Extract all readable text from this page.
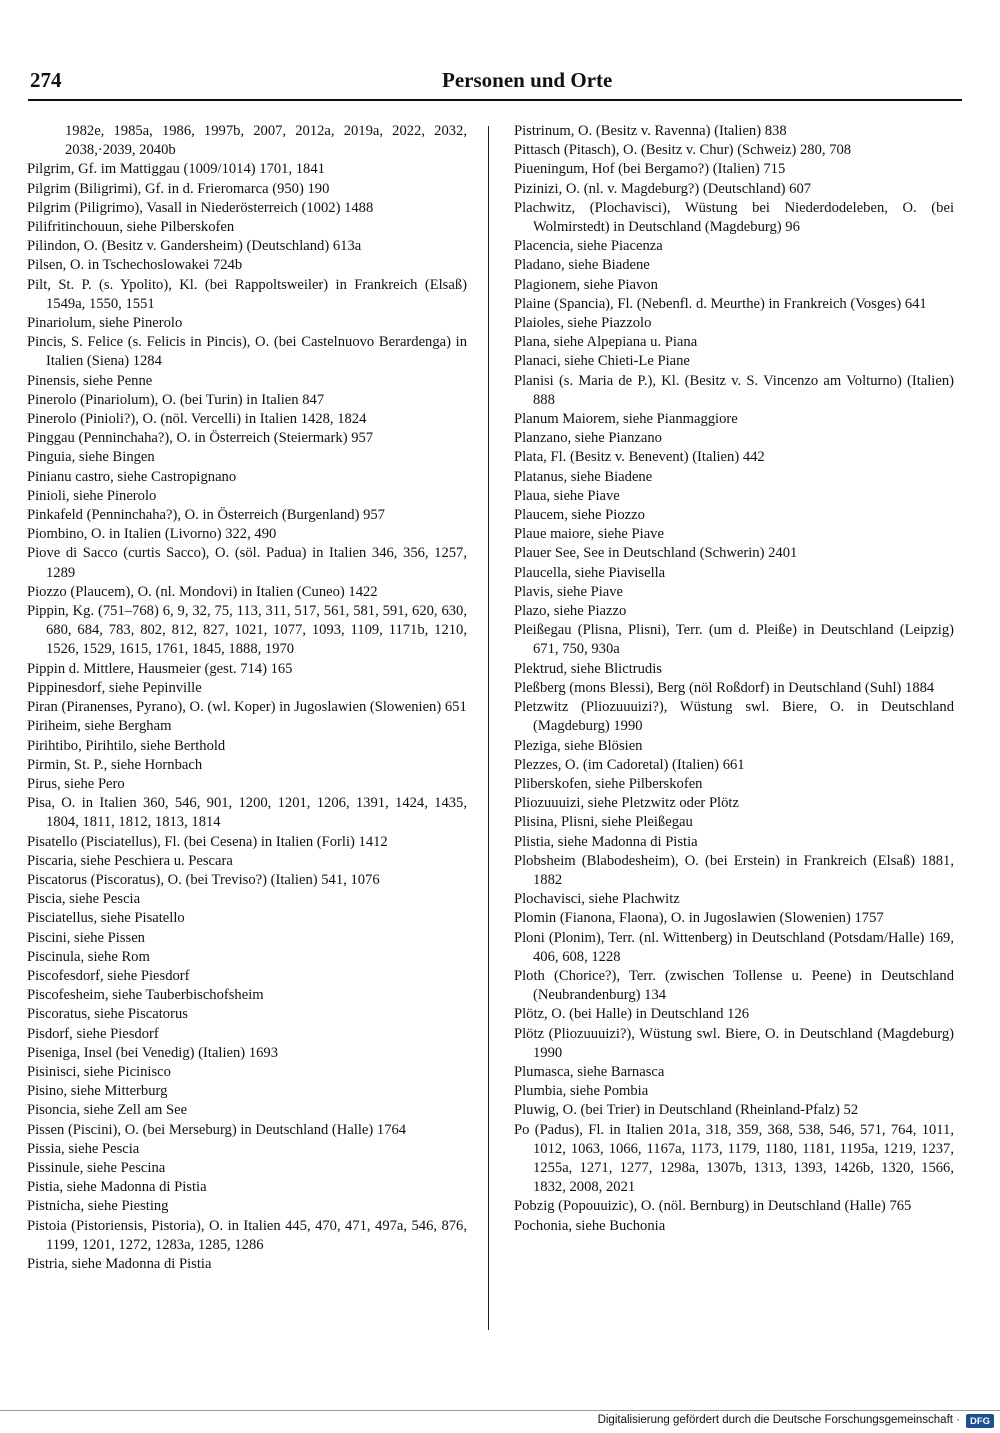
274	Personen und Orte
1982e, 1985a, 1986, 1997b, 2007, 2012a, 2019a, 2022, 2032, 2038,·2039, 2040b
Pilgrim, Gf. im Mattiggau (1009/1014) 1701, 1841
Pilgrim (Biligrimi), Gf. in d. Frieromarca (950) 190
Pilgrim (Piligrimo), Vasall in Niederösterreich (1002) 1488
Pilifritinchouun, siehe Pilberskofen
Pilindon, O. (Besitz v. Gandersheim) (Deutschland) 613a
Pilsen, O. in Tschechoslowakei 724b
Pilt, St. P. (s. Ypolito), Kl. (bei Rappoltsweiler) in Frankreich (Elsaß) 1549a, 1550, 1551
Pinariolum, siehe Pinerolo
Pincis, S. Felice (s. Felicis in Pincis), O. (bei Castelnuovo Berardenga) in Italien (Siena) 1284
Pinensis, siehe Penne
Pinerolo (Pinariolum), O. (bei Turin) in Italien 847
Pinerolo (Pinioli?), O. (nöl. Vercelli) in Italien 1428, 1824
Pinggau (Penninchaha?), O. in Österreich (Steiermark) 957
Pinguia, siehe Bingen
Pinianu castro, siehe Castropignano
Pinioli, siehe Pinerolo
Pinkafeld (Penninchaha?), O. in Österreich (Burgenland) 957
Piombino, O. in Italien (Livorno) 322, 490
Piove di Sacco (curtis Sacco), O. (söl. Padua) in Italien 346, 356, 1257, 1289
Piozzo (Plaucem), O. (nl. Mondovi) in Italien (Cuneo) 1422
Pippin, Kg. (751–768) 6, 9, 32, 75, 113, 311, 517, 561, 581, 591, 620, 630, 680, 684, 783, 802, 812, 827, 1021, 1077, 1093, 1109, 1171b, 1210, 1526, 1529, 1615, 1761, 1845, 1888, 1970
Pippin d. Mittlere, Hausmeier (gest. 714) 165
Pippinesdorf, siehe Pepinville
Piran (Piranenses, Pyrano), O. (wl. Koper) in Jugoslawien (Slowenien) 651
Piriheim, siehe Bergham
Pirihtibo, Pirihtilo, siehe Berthold
Pirmin, St. P., siehe Hornbach
Pirus, siehe Pero
Pisa, O. in Italien 360, 546, 901, 1200, 1201, 1206, 1391, 1424, 1435, 1804, 1811, 1812, 1813, 1814
Pisatello (Pisciatellus), Fl. (bei Cesena) in Italien (Forli) 1412
Piscaria, siehe Peschiera u. Pescara
Piscatorus (Piscoratus), O. (bei Treviso?) (Italien) 541, 1076
Piscia, siehe Pescia
Pisciatellus, siehe Pisatello
Piscini, siehe Pissen
Piscinula, siehe Rom
Piscofesdorf, siehe Piesdorf
Piscofesheim, siehe Tauberbischofsheim
Piscoratus, siehe Piscatorus
Pisdorf, siehe Piesdorf
Piseniga, Insel (bei Venedig) (Italien) 1693
Pisinisci, siehe Picinisco
Pisino, siehe Mitterburg
Pisoncia, siehe Zell am See
Pissen (Piscini), O. (bei Merseburg) in Deutschland (Halle) 1764
Pissia, siehe Pescia
Pissinule, siehe Pescina
Pistia, siehe Madonna di Pistia
Pistnicha, siehe Piesting
Pistoia (Pistoriensis, Pistoria), O. in Italien 445, 470, 471, 497a, 546, 876, 1199, 1201, 1272, 1283a, 1285, 1286
Pistria, siehe Madonna di Pistia
Pistrinum, O. (Besitz v. Ravenna) (Italien) 838
Pittasch (Pitasch), O. (Besitz v. Chur) (Schweiz) 280, 708
Piueningum, Hof (bei Bergamo?) (Italien) 715
Pizinizi, O. (nl. v. Magdeburg?) (Deutschland) 607
Plachwitz, (Plochavisci), Wüstung bei Niederdodeleben, O. (bei Wolmirstedt) in Deutschland (Magdeburg) 96
Placencia, siehe Piacenza
Pladano, siehe Biadene
Plagionem, siehe Piavon
Plaine (Spancia), Fl. (Nebenfl. d. Meurthe) in Frankreich (Vosges) 641
Plaioles, siehe Piazzolo
Plana, siehe Alpepiana u. Piana
Planaci, siehe Chieti-Le Piane
Planisi (s. Maria de P.), Kl. (Besitz v. S. Vincenzo am Volturno) (Italien) 888
Planum Maiorem, siehe Pianmaggiore
Planzano, siehe Pianzano
Plata, Fl. (Besitz v. Benevent) (Italien) 442
Platanus, siehe Biadene
Plaua, siehe Piave
Plaucem, siehe Piozzo
Plaue maiore, siehe Piave
Plauer See, See in Deutschland (Schwerin) 2401
Plaucella, siehe Piavisella
Plavis, siehe Piave
Plazo, siehe Piazzo
Pleißegau (Plisna, Plisni), Terr. (um d. Pleiße) in Deutschland (Leipzig) 671, 750, 930a
Plektrud, siehe Blictrudis
Pleßberg (mons Blessi), Berg (nöl Roßdorf) in Deutschland (Suhl) 1884
Pletzwitz (Pliozuuuizi?), Wüstung swl. Biere, O. in Deutschland (Magdeburg) 1990
Pleziga, siehe Blösien
Plezzes, O. (im Cadoretal) (Italien) 661
Pliberskofen, siehe Pilberskofen
Pliozuuuizi, siehe Pletzwitz oder Plötz
Plisina, Plisni, siehe Pleißegau
Plistia, siehe Madonna di Pistia
Plobsheim (Blabodesheim), O. (bei Erstein) in Frankreich (Elsaß) 1881, 1882
Plochavisci, siehe Plachwitz
Plomin (Fianona, Flaona), O. in Jugoslawien (Slowenien) 1757
Ploni (Plonim), Terr. (nl. Wittenberg) in Deutschland (Potsdam/Halle) 169, 406, 608, 1228
Ploth (Chorice?), Terr. (zwischen Tollense u. Peene) in Deutschland (Neubrandenburg) 134
Plötz, O. (bei Halle) in Deutschland 126
Plötz (Pliozuuuizi?), Wüstung swl. Biere, O. in Deutschland (Magdeburg) 1990
Plumasca, siehe Barnasca
Plumbia, siehe Pombia
Pluwig, O. (bei Trier) in Deutschland (Rheinland-Pfalz) 52
Po (Padus), Fl. in Italien 201a, 318, 359, 368, 538, 546, 571, 764, 1011, 1012, 1063, 1066, 1167a, 1173, 1179, 1180, 1181, 1195a, 1219, 1237, 1255a, 1271, 1277, 1298a, 1307b, 1313, 1393, 1426b, 1320, 1566, 1832, 2008, 2021
Pobzig (Popouuizic), O. (nöl. Bernburg) in Deutschland (Halle) 765
Pochonia, siehe Buchonia
Digitalisierung gefördert durch die Deutsche Forschungsgemeinschaft ·	DFG
